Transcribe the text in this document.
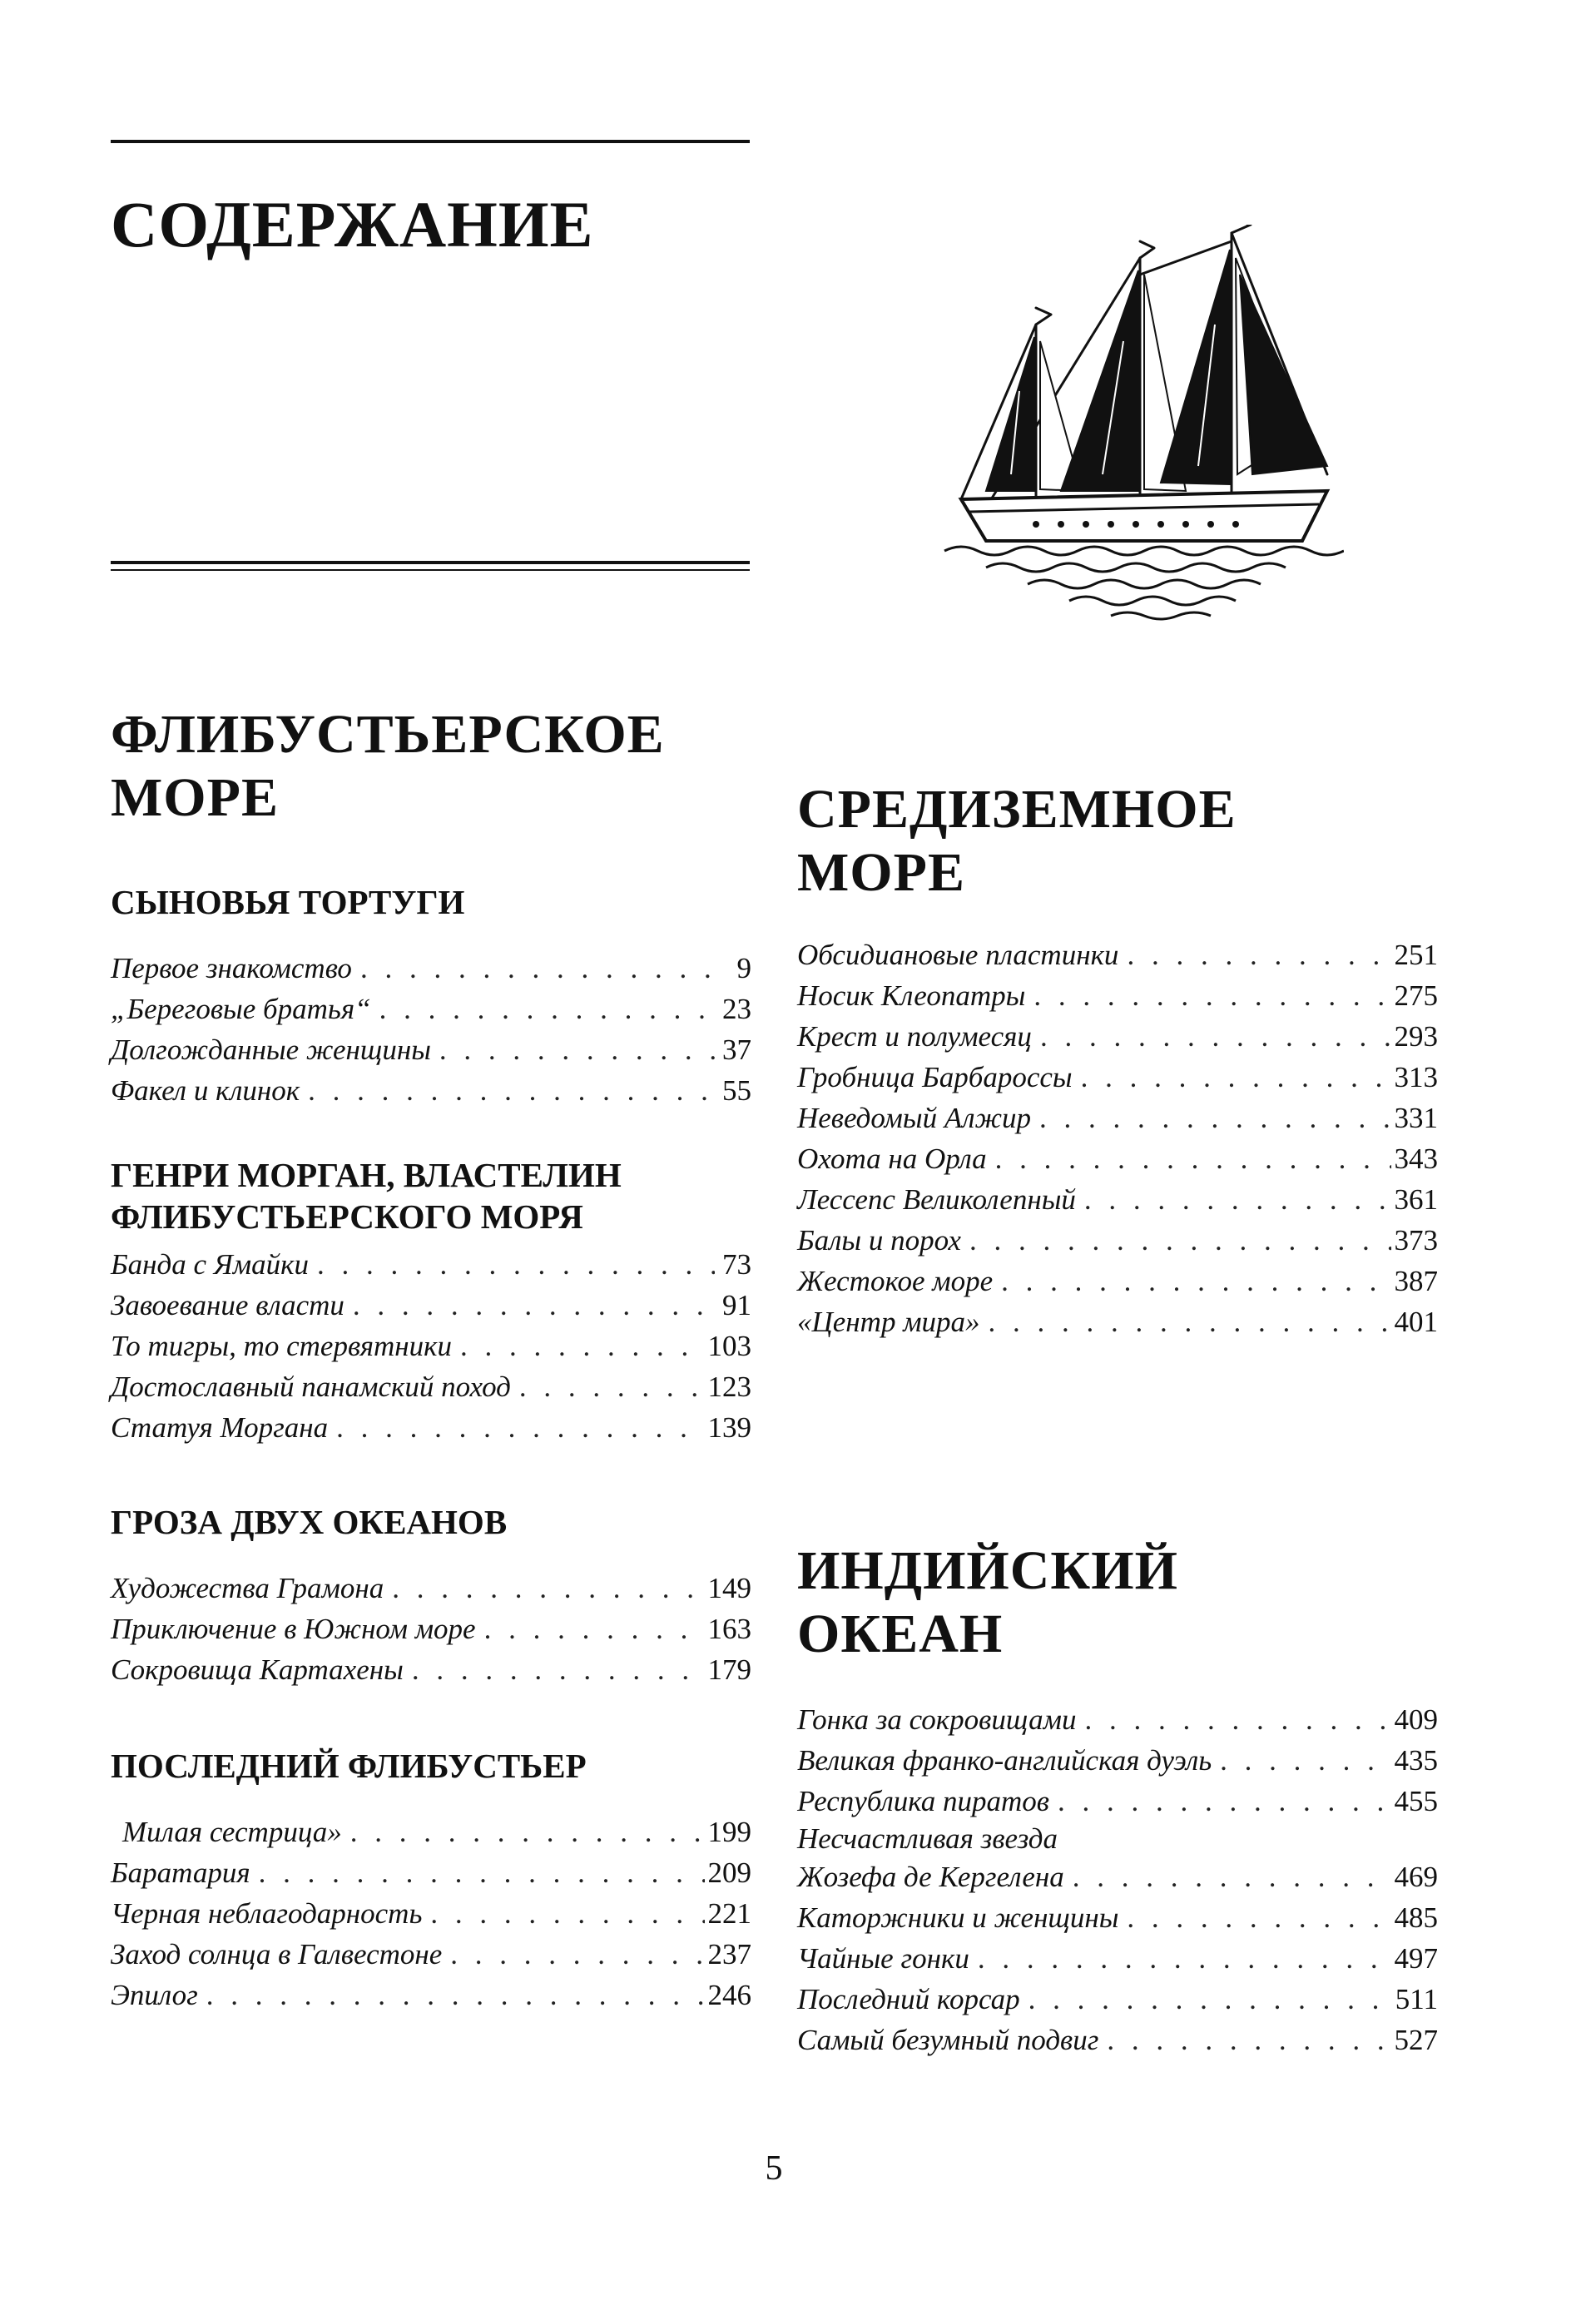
СОДЕРЖАНИЕ
ФЛИБУСТЬЕРСКОЕ
МОРЕ
СЫНОВЬЯ ТОРТУГИ
Первое знакомство . . .	9
„Береговые братья“ . . .	23
Долгожданные женщины . . .	37
Факел и клинок . . .	55
ГЕНРИ МОРГАН, ВЛАСТЕЛИН
ФЛИБУСТЬЕРСКОГО МОРЯ
Банда с Ямайки . . .	73
Завоевание власти . . .	91
То тигры, то стервятники . . .	103
Достославный панамский поход . . .	123
Статуя Моргана . . .	139
ГРОЗА ДВУХ ОКЕАНОВ
Художества Грамона . . .	149
Приключение в Южном море . . .	163
Сокровища Картахены . . .	179
ПОСЛЕДНИЙ ФЛИБУСТЬЕР
Милая сестрица» . . .	199
Баратария . . .	209
Черная неблагодарность . . .	221
Заход солнца в Галвестоне . . .	237
Эпилог . . .	246
СРЕДИЗЕМНОЕ
МОРЕ
Обсидиановые пластинки . . .	251
Носик Клеопатры . . .	275
Крест и полумесяц . . .	293
Гробница Барбароссы . . .	313
Неведомый Алжир . . .	331
Охота на Орла . . .	343
Лессепс Великолепный . . .	361
Балы и порох . . .	373
Жестокое море . . .	387
«Центр мира» . . .	401
ИНДИЙСКИЙ
ОКЕАН
Гонка за сокровищами . . .	409
Великая франко-английская дуэль . . .	435
Республика пиратов . . .	455
Несчастливая звезда
Жозефа де Кергелена . . .	469
Каторжники и женщины . . .	485
Чайные гонки . . .	497
Последний корсар . . .	511
Самый безумный подвиг . . .	527
5
